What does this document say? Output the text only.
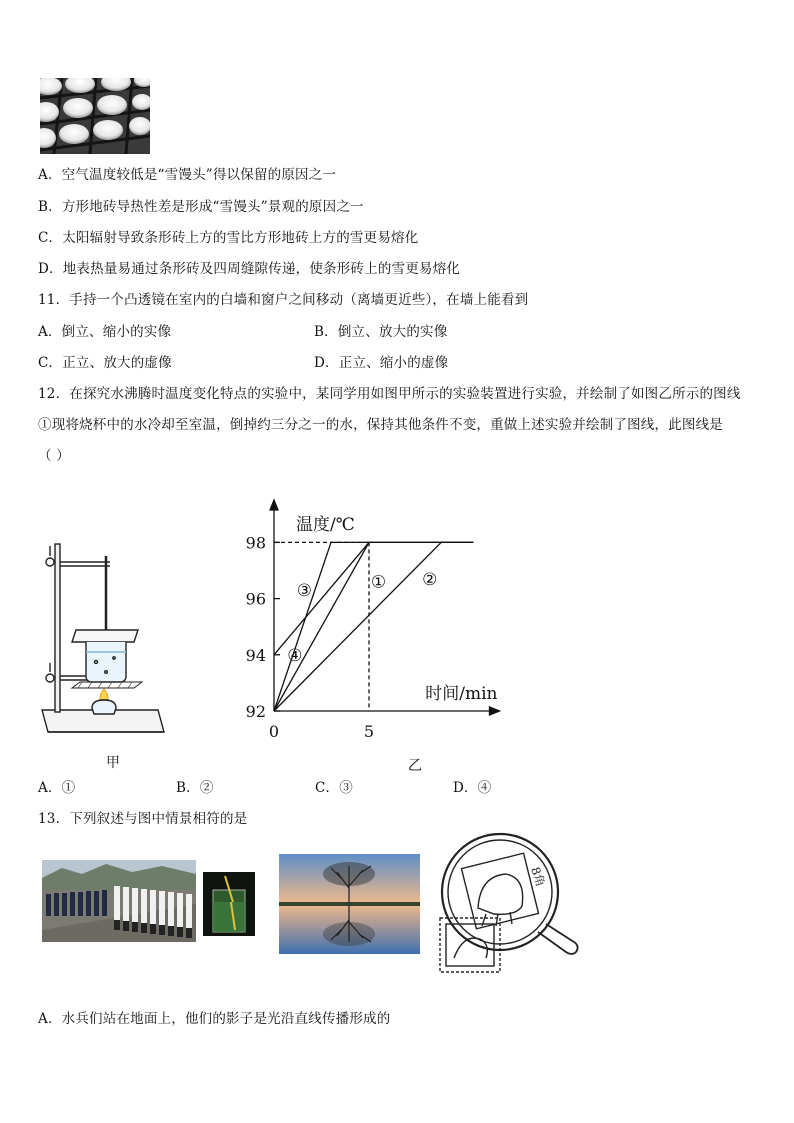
A．空气温度较低是“雪馒头”得以保留的原因之一
B．方形地砖导热性差是形成“雪馒头”景观的原因之一
C．太阳辐射导致条形砖上方的雪比方形地砖上方的雪更易熔化
D．地表热量易通过条形砖及四周缝隙传递，使条形砖上的雪更易熔化
11．手持一个凸透镜在室内的白墙和窗户之间移动（离墙更近些），在墙上能看到
A．倒立、缩小的实像	B．倒立、放大的实像
C．正立、放大的虚像	D．正立、缩小的虚像
12．在探究水沸腾时温度变化特点的实验中，某同学用如图甲所示的实验装置进行实验，并绘制了如图乙所示的图线
①现将烧杯中的水冷却至室温，倒掉约三分之一的水，保持其他条件不变，重做上述实验并绘制了图线，此图线是
（ ）
甲
92
94
96
98
0	5
① ②
③
④
温度/℃
时间/min
乙
A．①	B．②	C．③	D．④
13．下列叙述与图中情景相符的是
8角
A．水兵们站在地面上，他们的影子是光沿直线传播形成的
